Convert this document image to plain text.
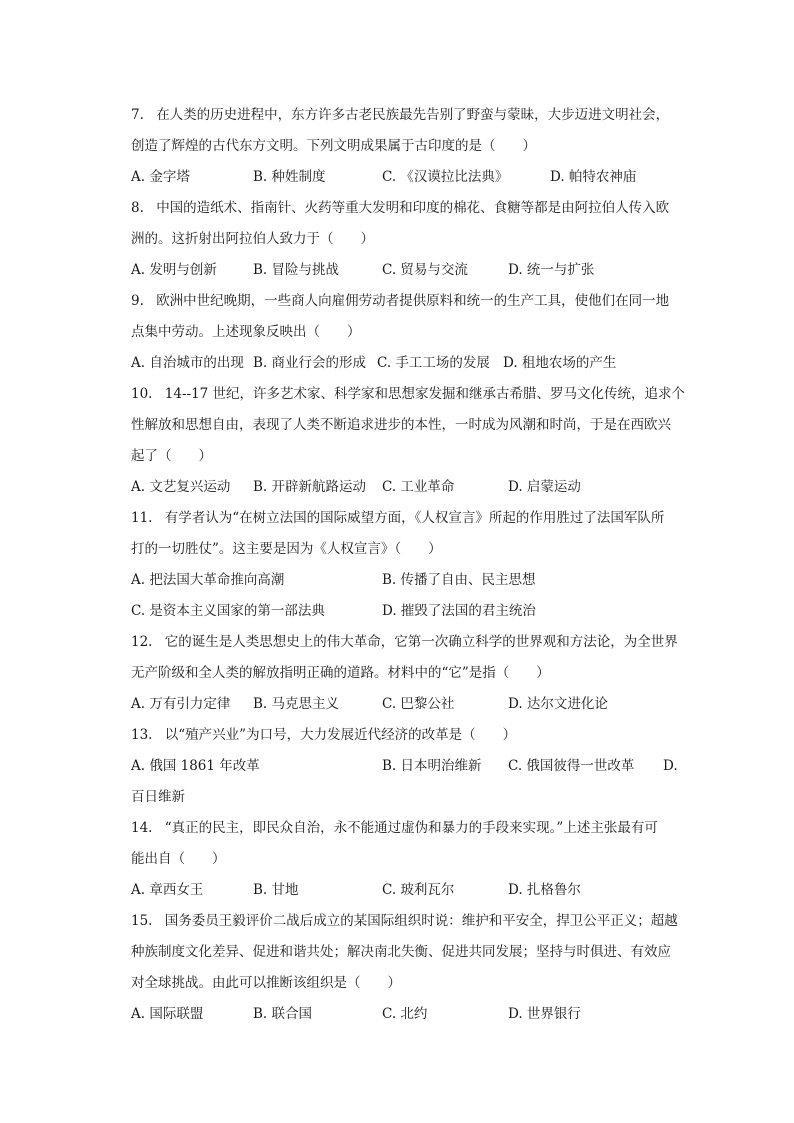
7. 在人类的历史进程中，东方许多古老民族最先告别了野蛮与蒙昧，大步迈进文明社会，
创造了辉煌的古代东方文明。下列文明成果属于古印度的是（　　）
A. 金字塔	B. 种姓制度	C. 《汉谟拉比法典》	D. 帕特农神庙
8. 中国的造纸术、指南针、火药等重大发明和印度的棉花、食糖等都是由阿拉伯人传入欧
洲的。这折射出阿拉伯人致力于（　　）
A. 发明与创新	B. 冒险与挑战	C. 贸易与交流	D. 统一与扩张
9. 欧洲中世纪晚期，一些商人向雇佣劳动者提供原料和统一的生产工具，使他们在同一地
点集中劳动。上述现象反映出（　　）
A. 自治城市的出现 B. 商业行会的形成 C. 手工工场的发展 D. 租地农场的产生
10. 14--17 世纪，许多艺术家、科学家和思想家发掘和继承古希腊、罗马文化传统，追求个
性解放和思想自由，表现了人类不断追求进步的本性，一时成为风潮和时尚，于是在西欧兴
起了（　　）
A. 文艺复兴运动 B. 开辟新航路运动 C. 工业革命	D. 启蒙运动
11. 有学者认为“在树立法国的国际威望方面，《人权宣言》所起的作用胜过了法国军队所
打的一切胜仗”。这主要是因为《人权宣言》（　　）
A. 把法国大革命推向高潮	B. 传播了自由、民主思想
C. 是资本主义国家的第一部法典	D. 摧毁了法国的君主统治
12. 它的诞生是人类思想史上的伟大革命，它第一次确立科学的世界观和方法论，为全世界
无产阶级和全人类的解放指明正确的道路。材料中的“它”是指（　　）
A. 万有引力定律 B. 马克思主义	C. 巴黎公社	D. 达尔文进化论
13. 以“殖产兴业”为口号，大力发展近代经济的改革是（　　）
A. 俄国 1861 年改革	B. 日本明治维新 C. 俄国彼得一世改革 D.
百日维新
14. “真正的民主，即民众自治，永不能通过虚伪和暴力的手段来实现。”上述主张最有可
能出自（　　）
A. 章西女王	B. 甘地	C. 玻利瓦尔	D. 扎格鲁尔
15. 国务委员王毅评价二战后成立的某国际组织时说：维护和平安全，捍卫公平正义；超越
种族制度文化差异、促进和谐共处；解决南北失衡、促进共同发展；坚持与时俱进、有效应
对全球挑战。由此可以推断该组织是（　　）
A. 国际联盟	B. 联合国	C. 北约	D. 世界银行
